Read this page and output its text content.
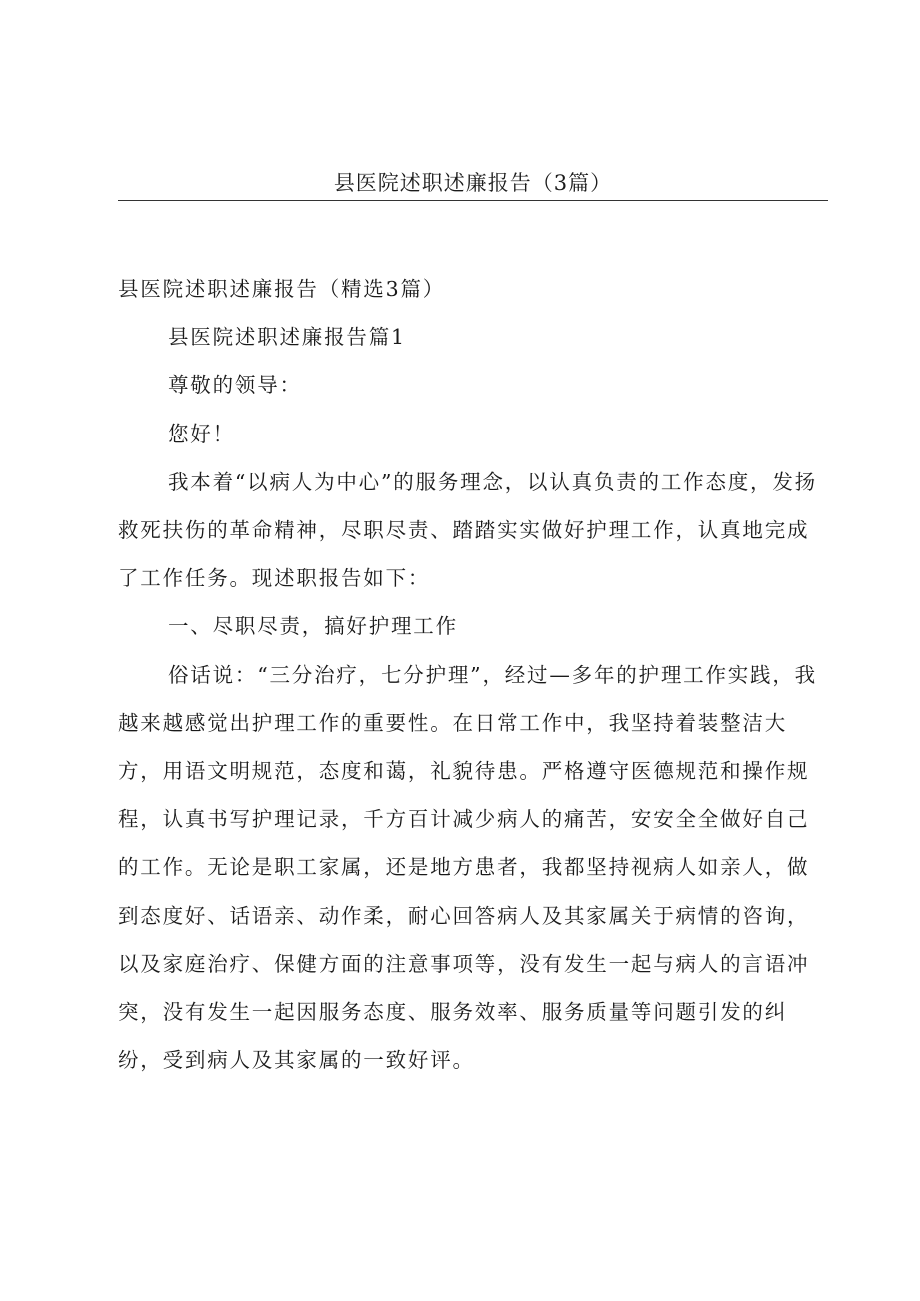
县医院述职述廉报告（3篇）

县医院述职述廉报告（精选3篇）

县医院述职述廉报告篇1

尊敬的领导：

您好！

我本着“以病人为中心”的服务理念，以认真负责的工作态度，发扬救死扶伤的革命精神，尽职尽责、踏踏实实做好护理工作，认真地完成了工作任务。现述职报告如下：

一、尽职尽责，搞好护理工作

俗话说：“三分治疗，七分护理”，经过—多年的护理工作实践，我越来越感觉出护理工作的重要性。在日常工作中，我坚持着装整洁大方，用语文明规范，态度和蔼，礼貌待患。严格遵守医德规范和操作规程，认真书写护理记录，千方百计减少病人的痛苦，安安全全做好自己的工作。无论是职工家属，还是地方患者，我都坚持视病人如亲人，做到态度好、话语亲、动作柔，耐心回答病人及其家属关于病情的咨询，以及家庭治疗、保健方面的注意事项等，没有发生一起与病人的言语冲突，没有发生一起因服务态度、服务效率、服务质量等问题引发的纠纷，受到病人及其家属的一致好评。
